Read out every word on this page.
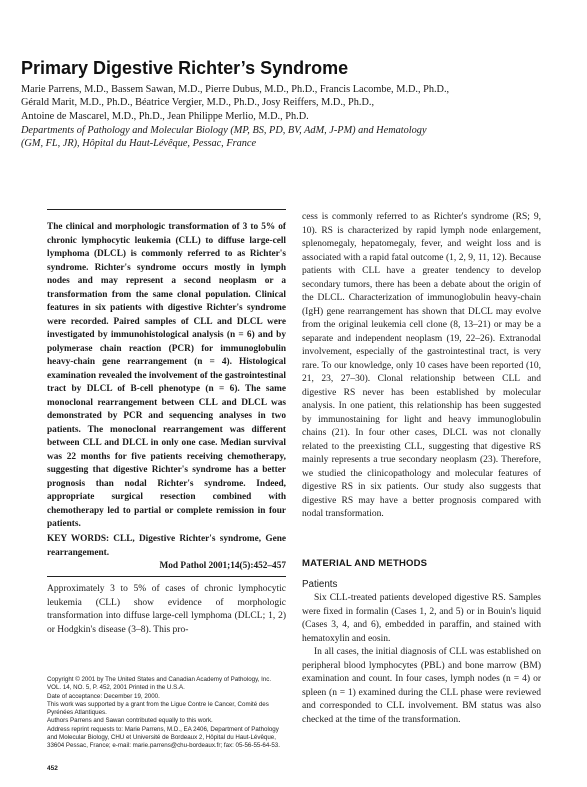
Primary Digestive Richter’s Syndrome
Marie Parrens, M.D., Bassem Sawan, M.D., Pierre Dubus, M.D., Ph.D., Francis Lacombe, M.D., Ph.D.,
Gérald Marit, M.D., Ph.D., Béatrice Vergier, M.D., Ph.D., Josy Reiffers, M.D., Ph.D.,
Antoine de Mascarel, M.D., Ph.D., Jean Philippe Merlio, M.D., Ph.D.
Departments of Pathology and Molecular Biology (MP, BS, PD, BV, AdM, J-PM) and Hematology
(GM, FL, JR), Hôpital du Haut-Lévêque, Pessac, France

The clinical and morphologic transformation of 3 to 5% of chronic lymphocytic leukemia (CLL) to diffuse large-cell lymphoma (DLCL) is commonly referred to as Richter's syndrome. Richter's syndrome occurs mostly in lymph nodes and may represent a second neoplasm or a transformation from the same clonal population. Clinical features in six patients with digestive Richter's syndrome were recorded. Paired samples of CLL and DLCL were investigated by immunohistological analysis (n = 6) and by polymerase chain reaction (PCR) for immunoglobulin heavy-chain gene rearrangement (n = 4). Histological examination revealed the involvement of the gastrointestinal tract by DLCL of B-cell phenotype (n = 6). The same monoclonal rearrangement between CLL and DLCL was demonstrated by PCR and sequencing analyses in two patients. The monoclonal rearrangement was different between CLL and DLCL in only one case. Median survival was 22 months for five patients receiving chemotherapy, suggesting that digestive Richter's syndrome has a better prognosis than nodal Richter's syndrome. Indeed, appropriate surgical resection combined with chemotherapy led to partial or complete remission in four patients.

KEY WORDS: CLL, Digestive Richter's syndrome, Gene rearrangement.

Mod Pathol 2001;14(5):452–457

Approximately 3 to 5% of cases of chronic lymphocytic leukemia (CLL) show evidence of morphologic transformation into diffuse large-cell lymphoma (DLCL; 1, 2) or Hodgkin's disease (3–8). This pro-

Copyright © 2001 by The United States and Canadian Academy of Pathology, Inc.

VOL. 14, NO. 5, P. 452, 2001 Printed in the U.S.A.

Date of acceptance: December 19, 2000.

This work was supported by a grant from the Ligue Contre le Cancer, Comité des Pyrénées Atlantiques.

Authors Parrens and Sawan contributed equally to this work.

Address reprint requests to: Marie Parrens, M.D., EA 2406, Department of Pathology and Molecular Biology, CHU et Université de Bordeaux 2, Hôpital du Haut-Lévêque, 33604 Pessac, France; e-mail: marie.parrens@chu-bordeaux.fr; fax: 05-56-55-64-53.

452

cess is commonly referred to as Richter's syndrome (RS; 9, 10). RS is characterized by rapid lymph node enlargement, splenomegaly, hepatomegaly, fever, and weight loss and is associated with a rapid fatal outcome (1, 2, 9, 11, 12). Because patients with CLL have a greater tendency to develop secondary tumors, there has been a debate about the origin of the DLCL. Characterization of immunoglobulin heavy-chain (IgH) gene rearrangement has shown that DLCL may evolve from the original leukemia cell clone (8, 13–21) or may be a separate and independent neoplasm (19, 22–26). Extranodal involvement, especially of the gastrointestinal tract, is very rare. To our knowledge, only 10 cases have been reported (10, 21, 23, 27–30). Clonal relationship between CLL and digestive RS never has been established by molecular analysis. In one patient, this relationship has been suggested by immunostaining for light and heavy immunoglobulin chains (21). In four other cases, DLCL was not clonally related to the preexisting CLL, suggesting that digestive RS mainly represents a true secondary neoplasm (23). Therefore, we studied the clinicopathology and molecular features of digestive RS in six patients. Our study also suggests that digestive RS may have a better prognosis compared with nodal transformation.

MATERIAL AND METHODS
Patients

Six CLL-treated patients developed digestive RS. Samples were fixed in formalin (Cases 1, 2, and 5) or in Bouin's liquid (Cases 3, 4, and 6), embedded in paraffin, and stained with hematoxylin and eosin.

In all cases, the initial diagnosis of CLL was established on peripheral blood lymphocytes (PBL) and bone marrow (BM) examination and count. In four cases, lymph nodes (n = 4) or spleen (n = 1) examined during the CLL phase were reviewed and corresponded to CLL involvement. BM status was also checked at the time of the transformation.
